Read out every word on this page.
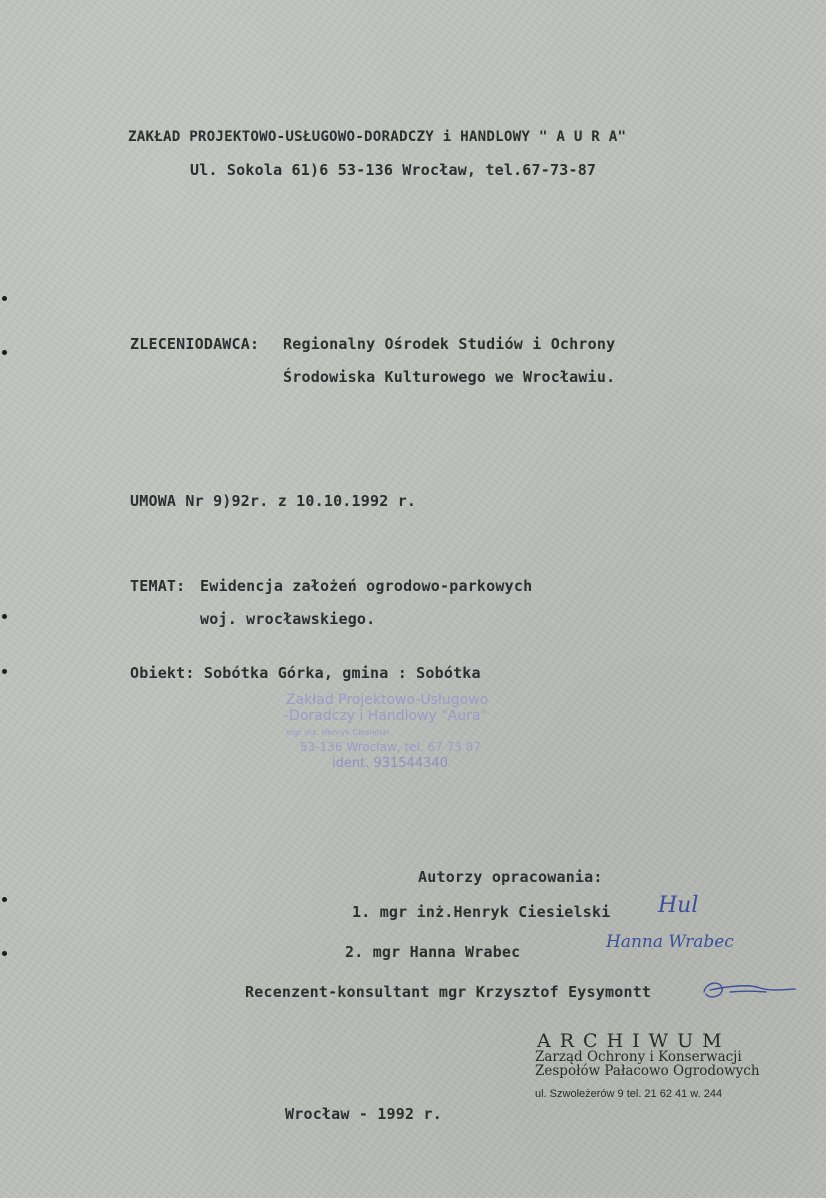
ZAKŁAD PROJEKTOWO-USŁUGOWO-DORADCZY i HANDLOWY " A U R A"
Ul. Sokola 61)6 53-136 Wrocław, tel.67-73-87
ZLECENIODAWCA: Regionalny Ośrodek Studiów i Ochrony
Środowiska Kulturowego we Wrocławiu.
UMOWA Nr 9)92r. z 10.10.1992 r.
TEMAT: Ewidencja założeń ogrodowo-parkowych
woj. wrocławskiego.
Obiekt: Sobótka Górka, gmina : Sobótka
Zakład Projektowo-Usługowo
-Doradczy i Handlowy "Aura"
mgr inż. Henryk Ciesielski
53-136 Wrocław, tel. 67 73 87
ident. 931544340
Autorzy opracowania:
1. mgr inż.Henryk Ciesielski
2. mgr Hanna Wrabec
Recenzent-konsultant mgr Krzysztof Eysymontt
Hul
Hanna Wrabec
ARCHIWUM
Zarząd Ochrony i Konserwacji
Zespołów Pałacowo Ogrodowych
ul. Szwoleżerów 9 tel. 21 62 41 w. 244
Wrocław - 1992 r.
